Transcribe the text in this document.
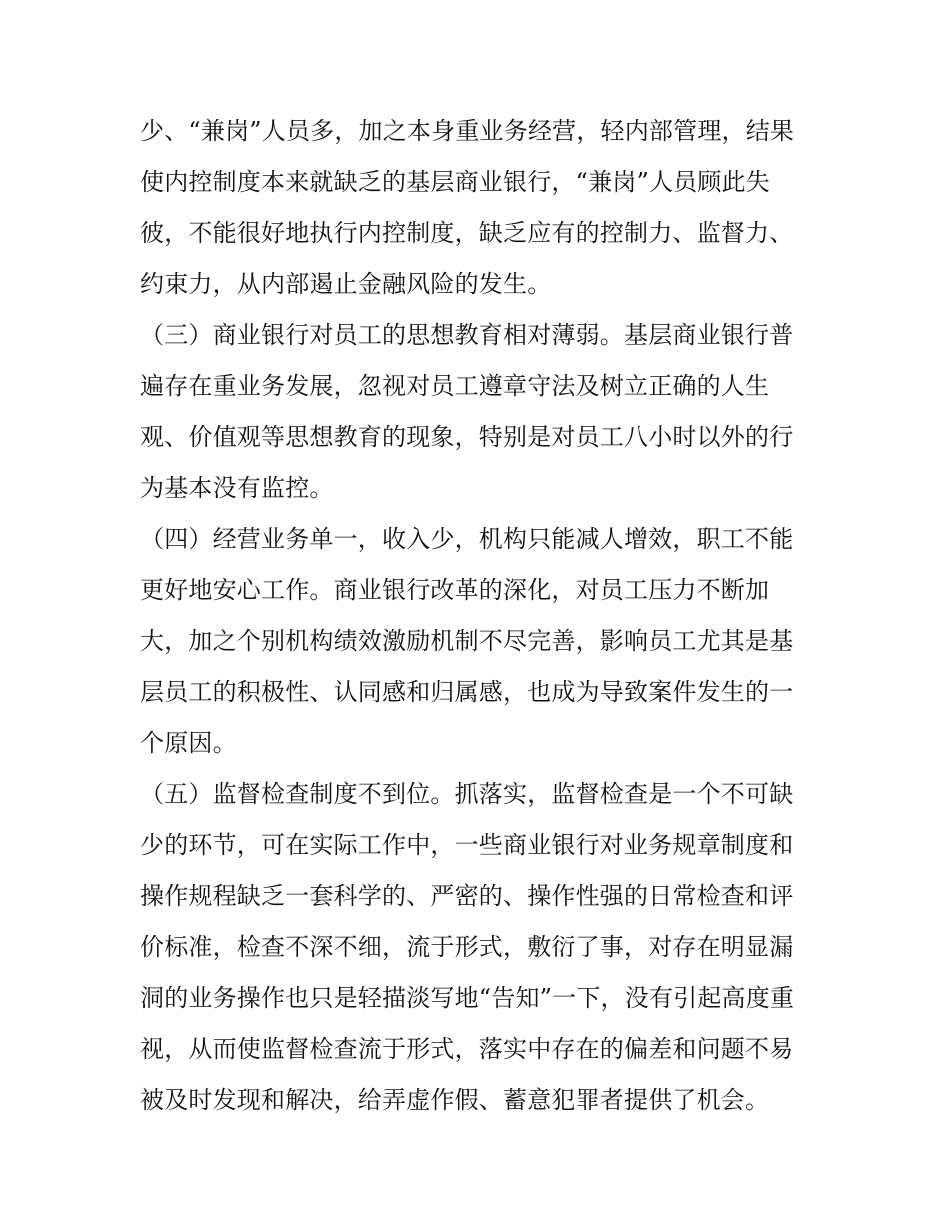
少、“兼岗”人员多，加之本身重业务经营，轻内部管理，结果
使内控制度本来就缺乏的基层商业银行，“兼岗”人员顾此失
彼，不能很好地执行内控制度，缺乏应有的控制力、监督力、
约束力，从内部遏止金融风险的发生。
（三）商业银行对员工的思想教育相对薄弱。基层商业银行普
遍存在重业务发展，忽视对员工遵章守法及树立正确的人生
观、价值观等思想教育的现象，特别是对员工八小时以外的行
为基本没有监控。
（四）经营业务单一，收入少，机构只能减人增效，职工不能
更好地安心工作。商业银行改革的深化，对员工压力不断加
大，加之个别机构绩效激励机制不尽完善，影响员工尤其是基
层员工的积极性、认同感和归属感，也成为导致案件发生的一
个原因。
（五）监督检查制度不到位。抓落实，监督检查是一个不可缺
少的环节，可在实际工作中，一些商业银行对业务规章制度和
操作规程缺乏一套科学的、严密的、操作性强的日常检查和评
价标准，检查不深不细，流于形式，敷衍了事，对存在明显漏
洞的业务操作也只是轻描淡写地“告知”一下，没有引起高度重
视，从而使监督检查流于形式，落实中存在的偏差和问题不易
被及时发现和解决，给弄虚作假、蓄意犯罪者提供了机会。
